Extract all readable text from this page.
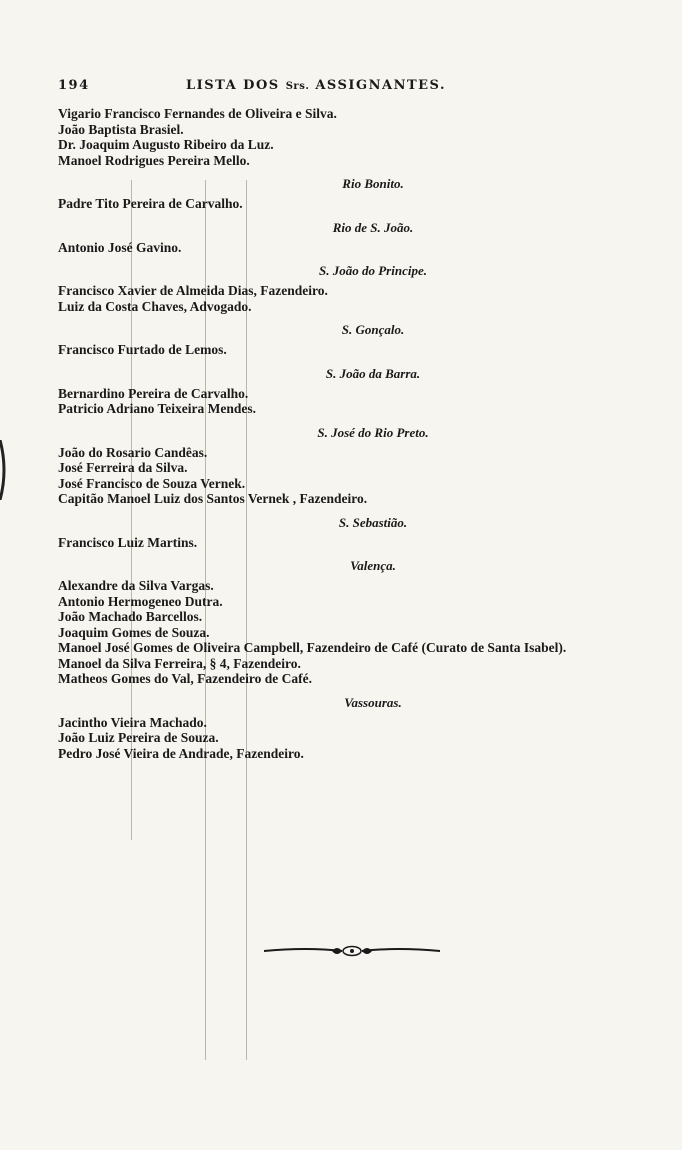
194	LISTA DOS Srs. ASSIGNANTES.

Vigario Francisco Fernandes de Oliveira e Silva.

João Baptista Brasiel.

Dr. Joaquim Augusto Ribeiro da Luz.

Manoel Rodrigues Pereira Mello.

Rio Bonito.

Padre Tito Pereira de Carvalho.

Rio de S. João.

Antonio José Gavino.

S. João do Principe.

Francisco Xavier de Almeida Dias, Fazendeiro.

Luiz da Costa Chaves, Advogado.

S. Gonçalo.

Francisco Furtado de Lemos.

S. João da Barra.

Bernardino Pereira de Carvalho.

Patricio Adriano Teixeira Mendes.

S. José do Rio Preto.

João do Rosario Candêas.

José Ferreira da Silva.

José Francisco de Souza Vernek.

Capitão Manoel Luiz dos Santos Vernek , Fazendeiro.

S. Sebastião.

Francisco Luiz Martins.

Valença.

Alexandre da Silva Vargas.

Antonio Hermogeneo Dutra.

João Machado Barcellos.

Joaquim Gomes de Souza.

Manoel José Gomes de Oliveira Campbell, Fazendeiro de Café (Curato de Santa Isabel).

Manoel da Silva Ferreira, § 4, Fazendeiro.

Matheos Gomes do Val, Fazendeiro de Café.

Vassouras.

Jacintho Vieira Machado.

João Luiz Pereira de Souza.

Pedro José Vieira de Andrade, Fazendeiro.
